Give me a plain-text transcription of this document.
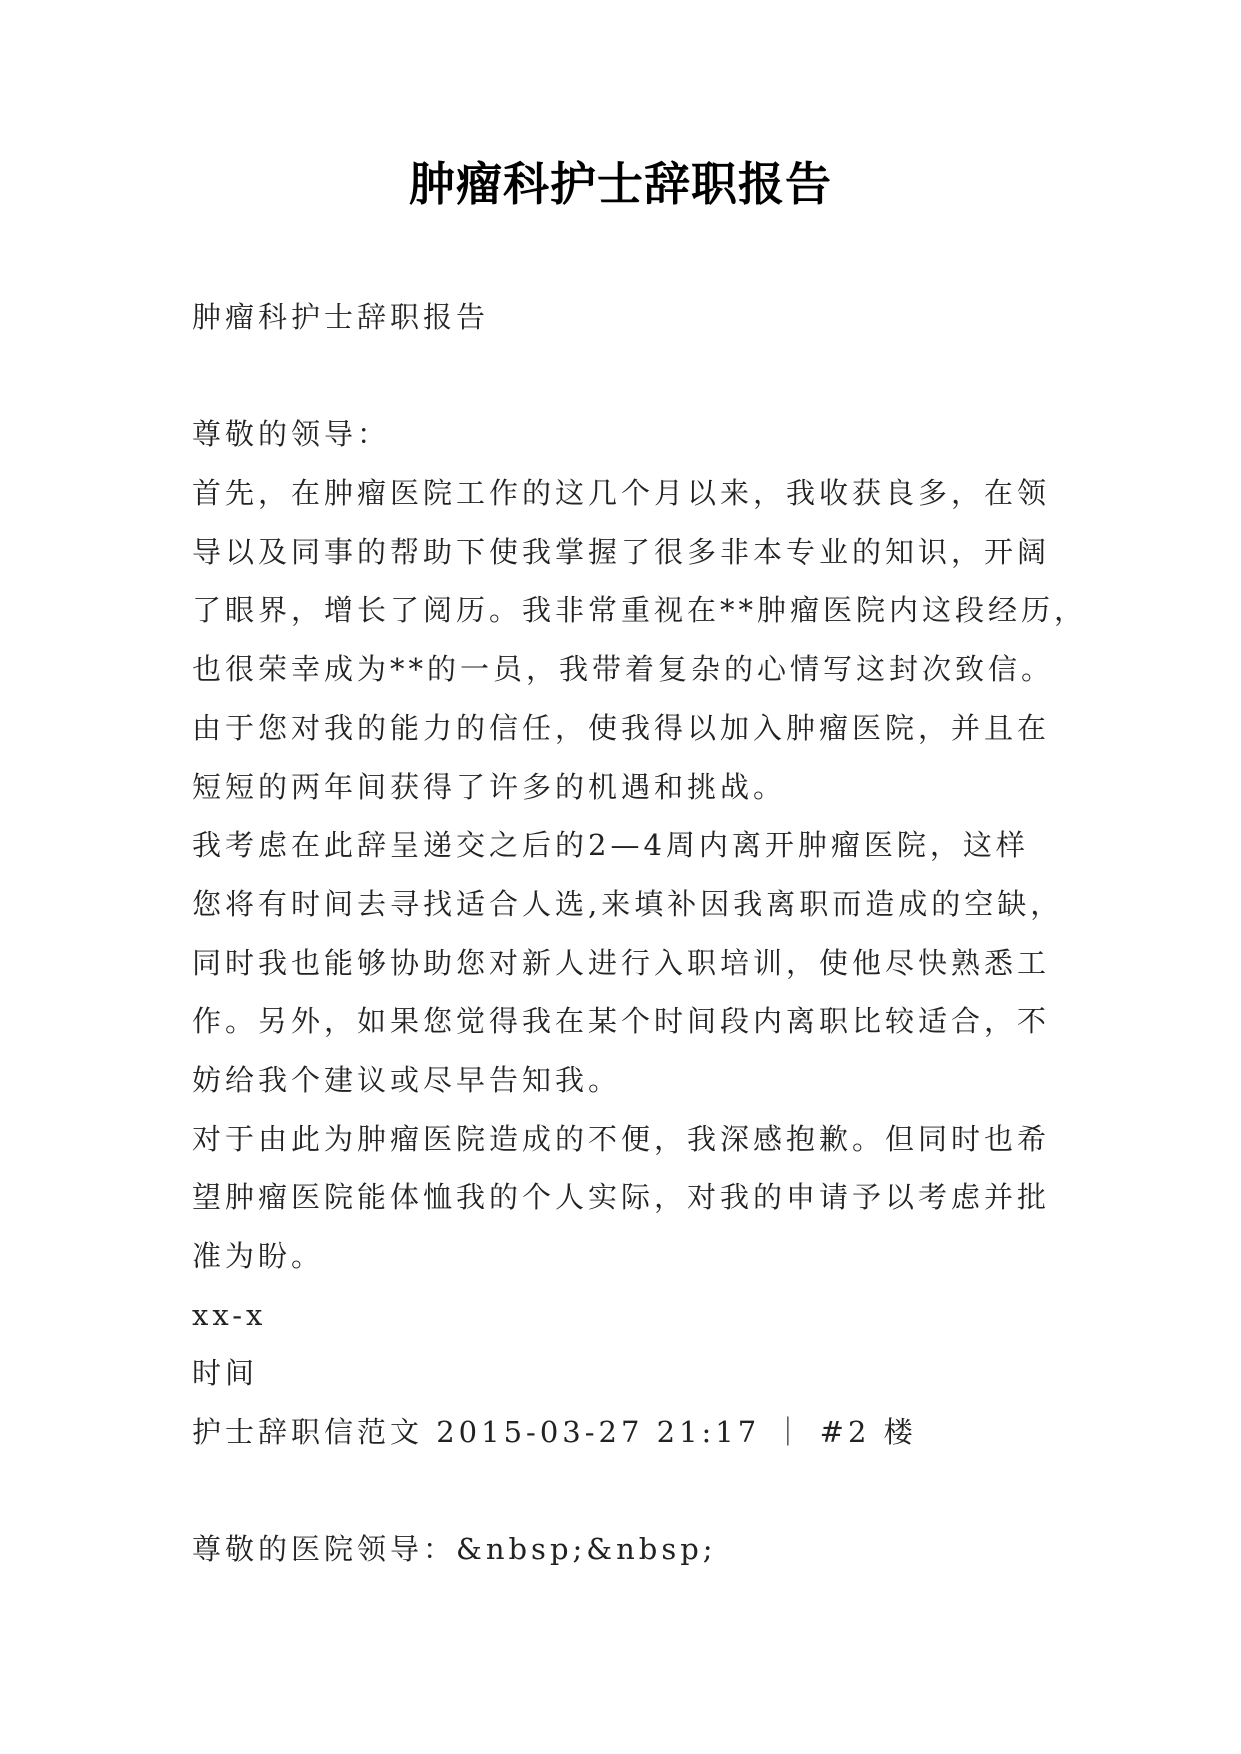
肿瘤科护士辞职报告
肿瘤科护士辞职报告
尊敬的领导：
首先，在肿瘤医院工作的这几个月以来，我收获良多，在领
导以及同事的帮助下使我掌握了很多非本专业的知识，开阔
了眼界，增长了阅历。我非常重视在**肿瘤医院内这段经历，
也很荣幸成为**的一员，我带着复杂的心情写这封次致信。
由于您对我的能力的信任，使我得以加入肿瘤医院，并且在
短短的两年间获得了许多的机遇和挑战。
我考虑在此辞呈递交之后的2—4周内离开肿瘤医院，这样
您将有时间去寻找适合人选,来填补因我离职而造成的空缺，
同时我也能够协助您对新人进行入职培训，使他尽快熟悉工
作。另外，如果您觉得我在某个时间段内离职比较适合，不
妨给我个建议或尽早告知我。
对于由此为肿瘤医院造成的不便，我深感抱歉。但同时也希
望肿瘤医院能体恤我的个人实际，对我的申请予以考虑并批
准为盼。
xx-x
时间
护士辞职信范文 2015-03-27 21:17 ｜ #2 楼
尊敬的医院领导：&nbsp;&nbsp;
